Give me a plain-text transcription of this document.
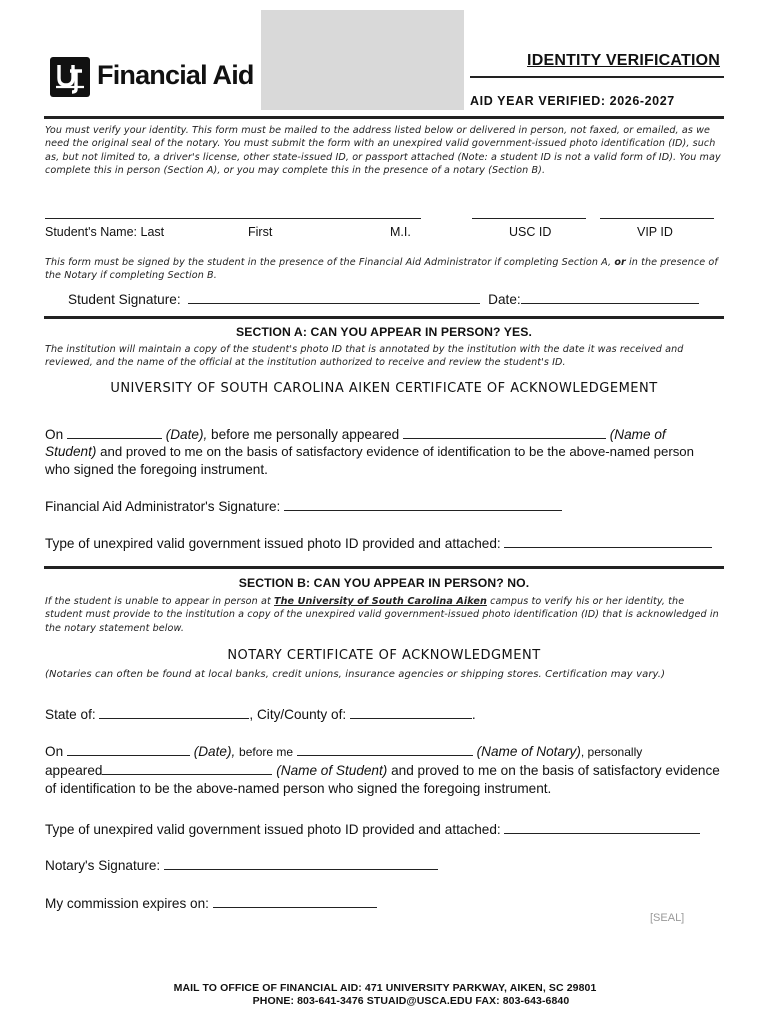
Financial Aid	IDENTITY VERIFICATION
AID YEAR VERIFIED: 2026-2027
You must verify your identity. This form must be mailed to the address listed below or delivered in person, not faxed, or emailed, as we need the original seal of the notary. You must submit the form with an unexpired valid government-issued photo identification (ID), such as, but not limited to, a driver's license, other state-issued ID, or passport attached (Note: a student ID is not a valid form of ID). You may complete this in person (Section A), or you may complete this in the presence of a notary (Section B).
Student's Name: Last	First	M.I.	USC ID	VIP ID
This form must be signed by the student in the presence of the Financial Aid Administrator if completing Section A, or in the presence of the Notary if completing Section B.
Student Signature:	Date:
SECTION A: CAN YOU APPEAR IN PERSON? YES.
The institution will maintain a copy of the student's photo ID that is annotated by the institution with the date it was received and reviewed, and the name of the official at the institution authorized to receive and review the student's ID.
UNIVERSITY OF SOUTH CAROLINA AIKEN CERTIFICATE OF ACKNOWLEDGEMENT
On	(Date), before me personally appeared	(Name of
Student) and proved to me on the basis of satisfactory evidence of identification to be the above-named person
who signed the foregoing instrument.
Financial Aid Administrator's Signature:
Type of unexpired valid government issued photo ID provided and attached:
SECTION B: CAN YOU APPEAR IN PERSON? NO.
If the student is unable to appear in person at The University of South Carolina Aiken campus to verify his or her identity, the student must provide to the institution a copy of the unexpired valid government-issued photo identification (ID) that is acknowledged in the notary statement below.
NOTARY CERTIFICATE OF ACKNOWLEDGMENT
(Notaries can often be found at local banks, credit unions, insurance agencies or shipping stores. Certification may vary.)
State of:	, City/County of:	.
On	(Date), before me	(Name of Notary), personally
appeared	(Name of Student) and proved to me on the basis of satisfactory evidence
of identification to be the above-named person who signed the foregoing instrument.
Type of unexpired valid government issued photo ID provided and attached:
Notary's Signature:
My commission expires on:
[SEAL]
MAIL TO OFFICE OF FINANCIAL AID: 471 UNIVERSITY PARKWAY, AIKEN, SC 29801
PHONE: 803-641-3476 STUAID@USCA.EDU FAX: 803-643-6840
